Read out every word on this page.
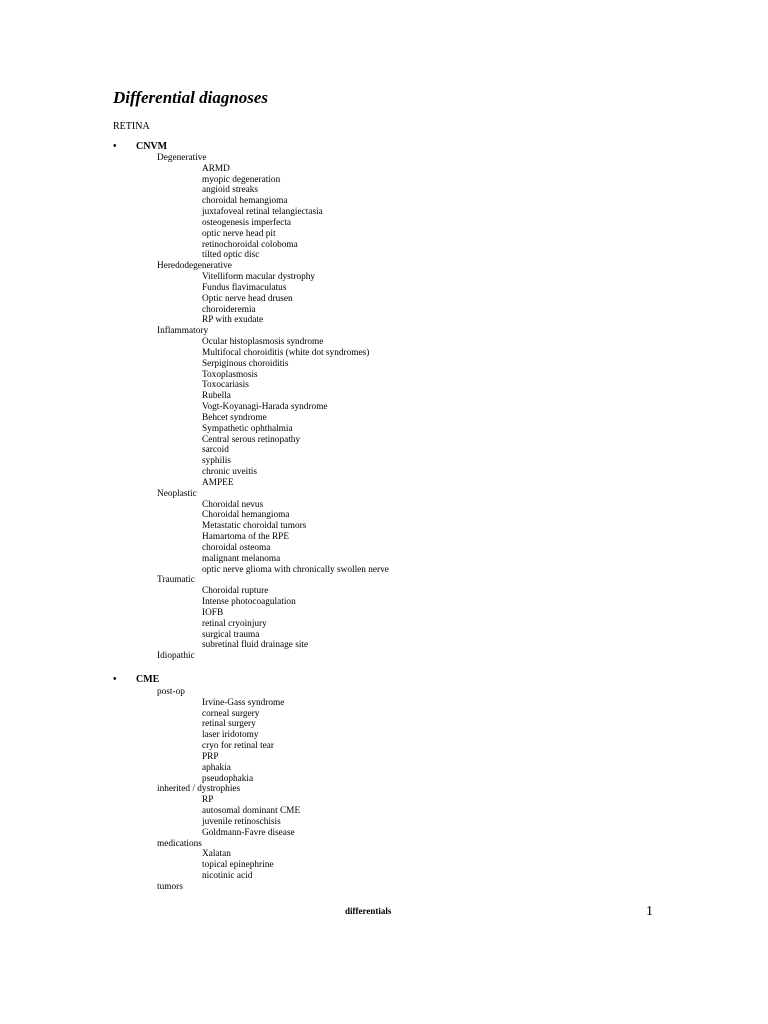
Differential diagnoses
RETINA
• CNVM
Degenerative
ARMD
myopic degeneration
angioid streaks
choroidal hemangioma
juxtafoveal retinal telangiectasia
osteogenesis imperfecta
optic nerve head pit
retinochoroidal coloboma
tilted optic disc
Heredodegenerative
Vitelliform macular dystrophy
Fundus flavimaculatus
Optic nerve head drusen
choroideremia
RP with exudate
Inflammatory
Ocular histoplasmosis syndrome
Multifocal choroiditis (white dot syndromes)
Serpiginous choroiditis
Toxoplasmosis
Toxocariasis
Rubella
Vogt-Koyanagi-Harada syndrome
Behcet syndrome
Sympathetic ophthalmia
Central serous retinopathy
sarcoid
syphilis
chronic uveitis
AMPEE
Neoplastic
Choroidal nevus
Choroidal hemangioma
Metastatic choroidal tumors
Hamartoma of the RPE
choroidal osteoma
malignant melanoma
optic nerve glioma with chronically swollen nerve
Traumatic
Choroidal rupture
Intense photocoagulation
IOFB
retinal cryoinjury
surgical trauma
subretinal fluid drainage site
Idiopathic
• CME
post-op
Irvine-Gass syndrome
corneal surgery
retinal surgery
laser iridotomy
cryo for retinal tear
PRP
aphakia
pseudophakia
inherited / dystrophies
RP
autosomal dominant CME
juvenile retinoschisis
Goldmann-Favre disease
medications
Xalatan
topical epinephrine
nicotinic acid
tumors
differentials	1
